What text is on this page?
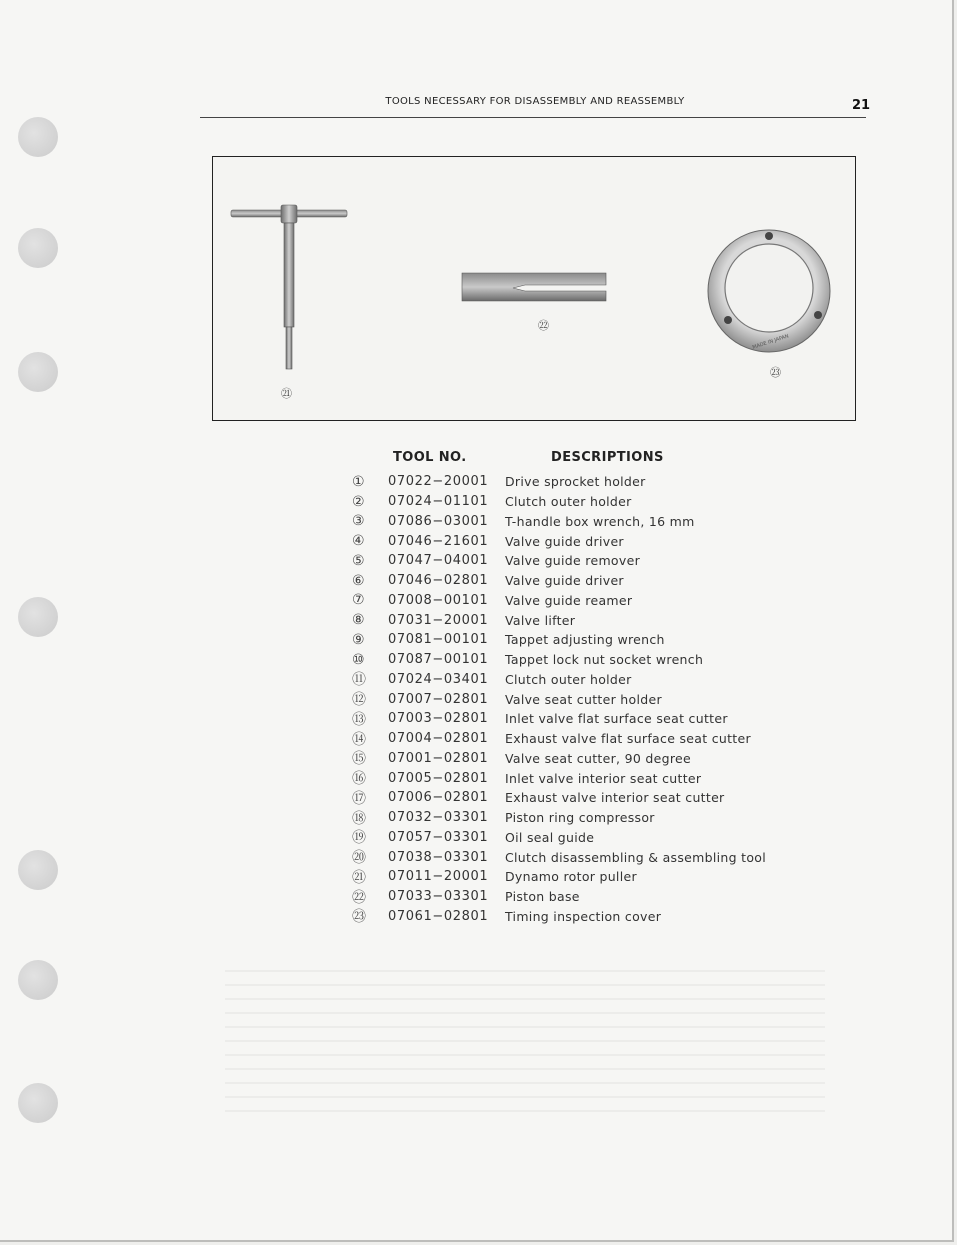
TOOLS NECESSARY FOR DISASSEMBLY AND REASSEMBLY	21
MADE IN JAPAN
㉑
㉒
㉓
TOOL NO.	DESCRIPTIONS
①	07022−20001	Drive sprocket holder
②	07024−01101	Clutch outer holder
③	07086−03001	T-handle box wrench, 16 mm
④	07046−21601	Valve guide driver
⑤	07047−04001	Valve guide remover
⑥	07046−02801	Valve guide driver
⑦	07008−00101	Valve guide reamer
⑧	07031−20001	Valve lifter
⑨	07081−00101	Tappet adjusting wrench
⑩	07087−00101	Tappet lock nut socket wrench
⑪	07024−03401	Clutch outer holder
⑫	07007−02801	Valve seat cutter holder
⑬	07003−02801	Inlet valve flat surface seat cutter
⑭	07004−02801	Exhaust valve flat surface seat cutter
⑮	07001−02801	Valve seat cutter, 90 degree
⑯	07005−02801	Inlet valve interior seat cutter
⑰	07006−02801	Exhaust valve interior seat cutter
⑱	07032−03301	Piston ring compressor
⑲	07057−03301	Oil seal guide
⑳	07038−03301	Clutch disassembling & assembling tool
㉑	07011−20001	Dynamo rotor puller
㉒	07033−03301	Piston base
㉓	07061−02801	Timing inspection cover
